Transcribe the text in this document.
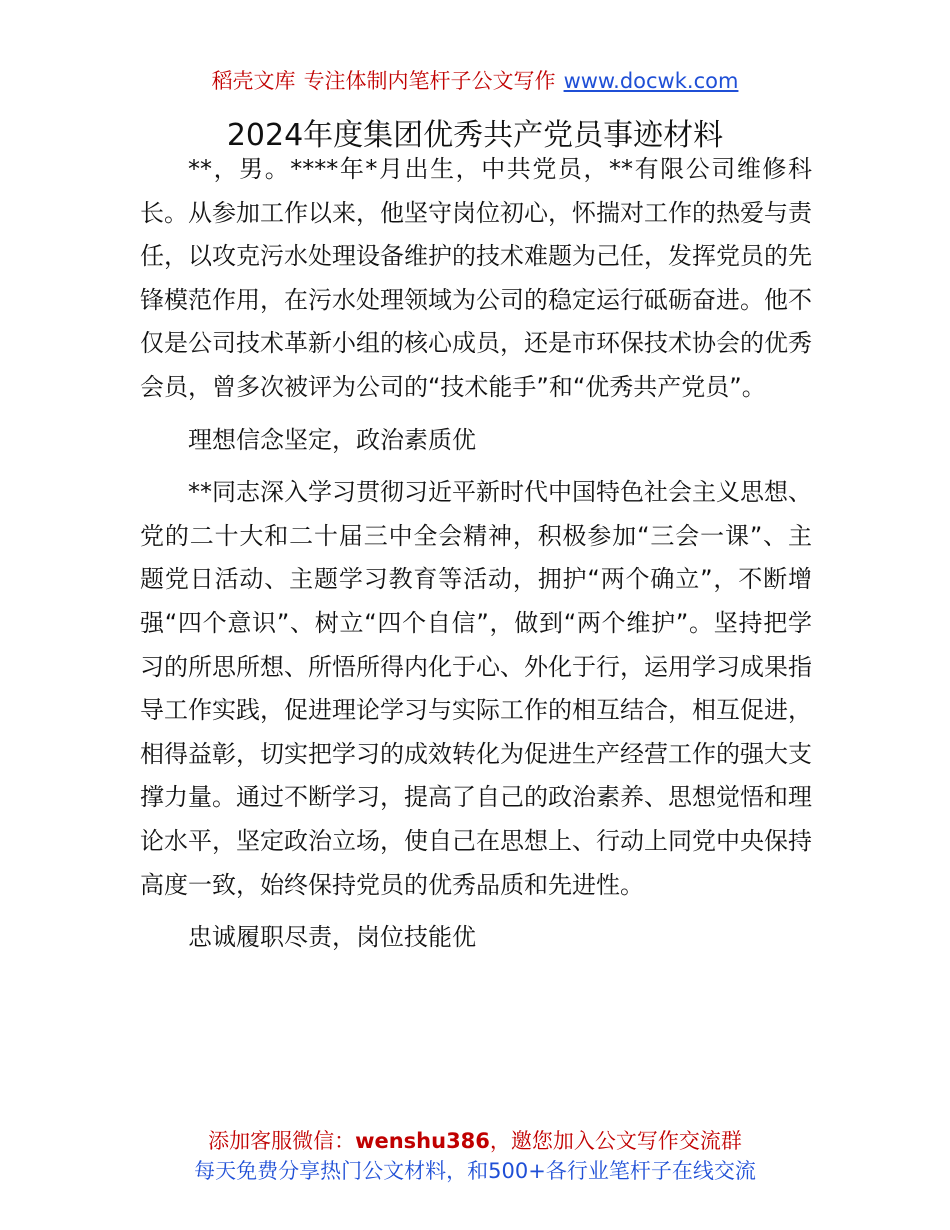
稻壳文库 专注体制内笔杆子公文写作 www.docwk.com
2024年度集团优秀共产党员事迹材料

**，男。****年*月出生，中共党员，**有限公司维修科长。从参加工作以来，他坚守岗位初心，怀揣对工作的热爱与责任，以攻克污水处理设备维护的技术难题为己任，发挥党员的先锋模范作用，在污水处理领域为公司的稳定运行砥砺奋进。他不仅是公司技术革新小组的核心成员，还是市环保技术协会的优秀会员，曾多次被评为公司的“技术能手”和“优秀共产党员”。

理想信念坚定，政治素质优

**同志深入学习贯彻习近平新时代中国特色社会主义思想、党的二十大和二十届三中全会精神，积极参加“三会一课”、主题党日活动、主题学习教育等活动，拥护“两个确立”，不断增强“四个意识”、树立“四个自信”，做到“两个维护”。坚持把学习的所思所想、所悟所得内化于心、外化于行，运用学习成果指导工作实践，促进理论学习与实际工作的相互结合，相互促进，相得益彰，切实把学习的成效转化为促进生产经营工作的强大支撑力量。通过不断学习，提高了自己的政治素养、思想觉悟和理论水平，坚定政治立场，使自己在思想上、行动上同党中央保持高度一致，始终保持党员的优秀品质和先进性。

忠诚履职尽责，岗位技能优

添加客服微信：wenshu386，邀您加入公文写作交流群
每天免费分享热门公文材料，和500+各行业笔杆子在线交流
